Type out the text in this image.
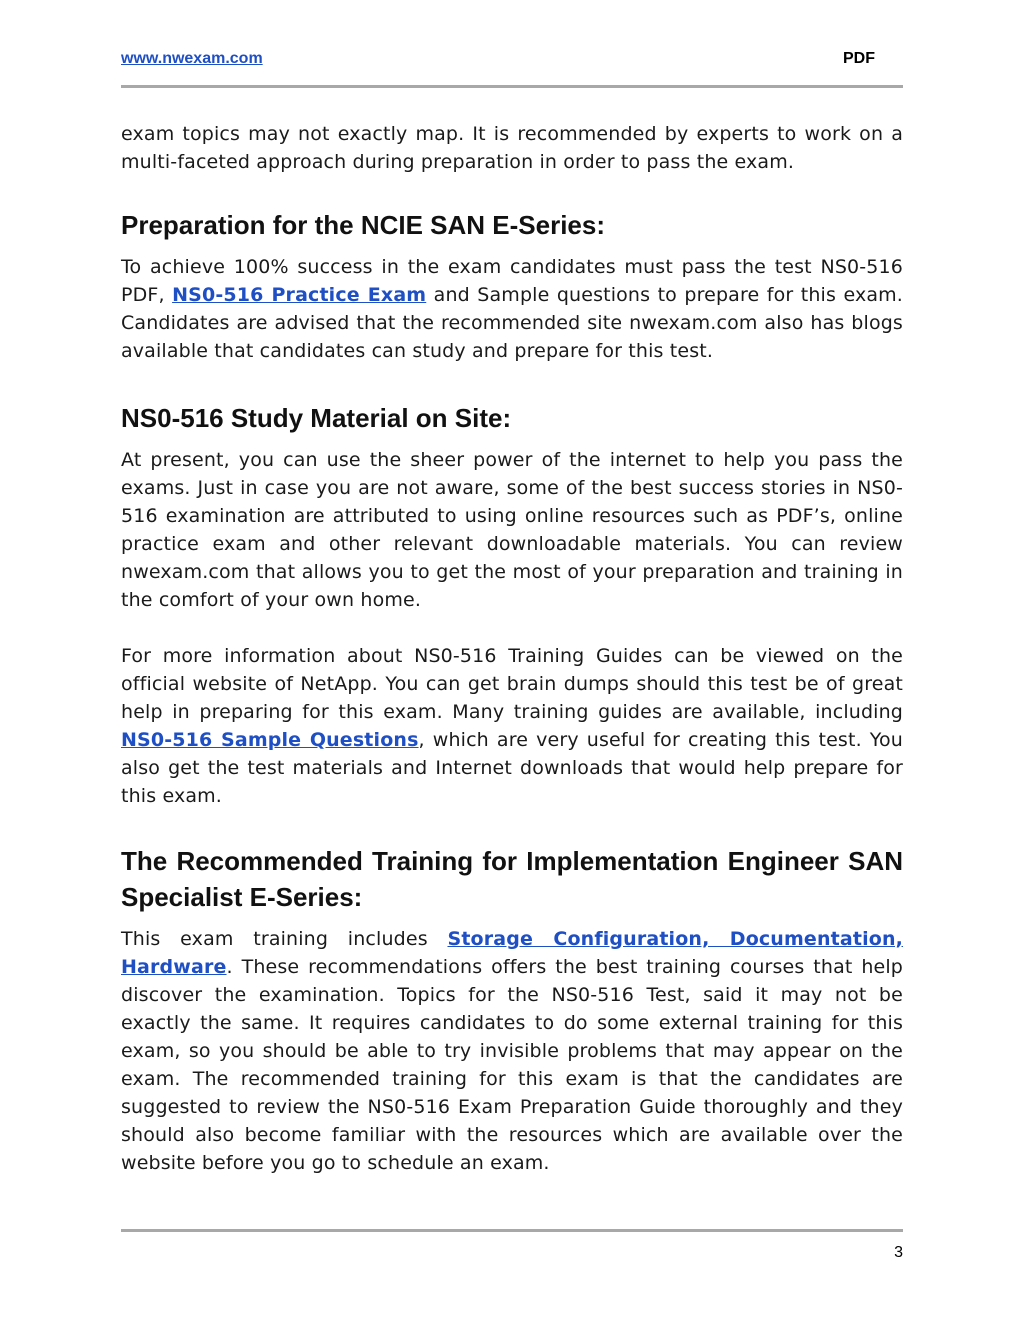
www.nwexam.com	PDF

exam topics may not exactly map. It is recommended by experts to work on a multi-faceted approach during preparation in order to pass the exam.

Preparation for the NCIE SAN E-Series:

To achieve 100% success in the exam candidates must pass the test NS0-516 PDF, NS0-516 Practice Exam and Sample questions to prepare for this exam. Candidates are advised that the recommended site nwexam.com also has blogs available that candidates can study and prepare for this test.

NS0-516 Study Material on Site:

At present, you can use the sheer power of the internet to help you pass the exams. Just in case you are not aware, some of the best success stories in NS0-516 examination are attributed to using online resources such as PDF’s, online practice exam and other relevant downloadable materials. You can review nwexam.com that allows you to get the most of your preparation and training in the comfort of your own home.

For more information about NS0-516 Training Guides can be viewed on the official website of NetApp. You can get brain dumps should this test be of great help in preparing for this exam. Many training guides are available, including NS0-516 Sample Questions, which are very useful for creating this test. You also get the test materials and Internet downloads that would help prepare for this exam.

The Recommended Training for Implementation Engineer SAN Specialist E-Series:

This exam training includes Storage Configuration, Documentation, Hardware. These recommendations offers the best training courses that help discover the examination. Topics for the NS0-516 Test, said it may not be exactly the same. It requires candidates to do some external training for this exam, so you should be able to try invisible problems that may appear on the exam. The recommended training for this exam is that the candidates are suggested to review the NS0-516 Exam Preparation Guide thoroughly and they should also become familiar with the resources which are available over the website before you go to schedule an exam.

3
